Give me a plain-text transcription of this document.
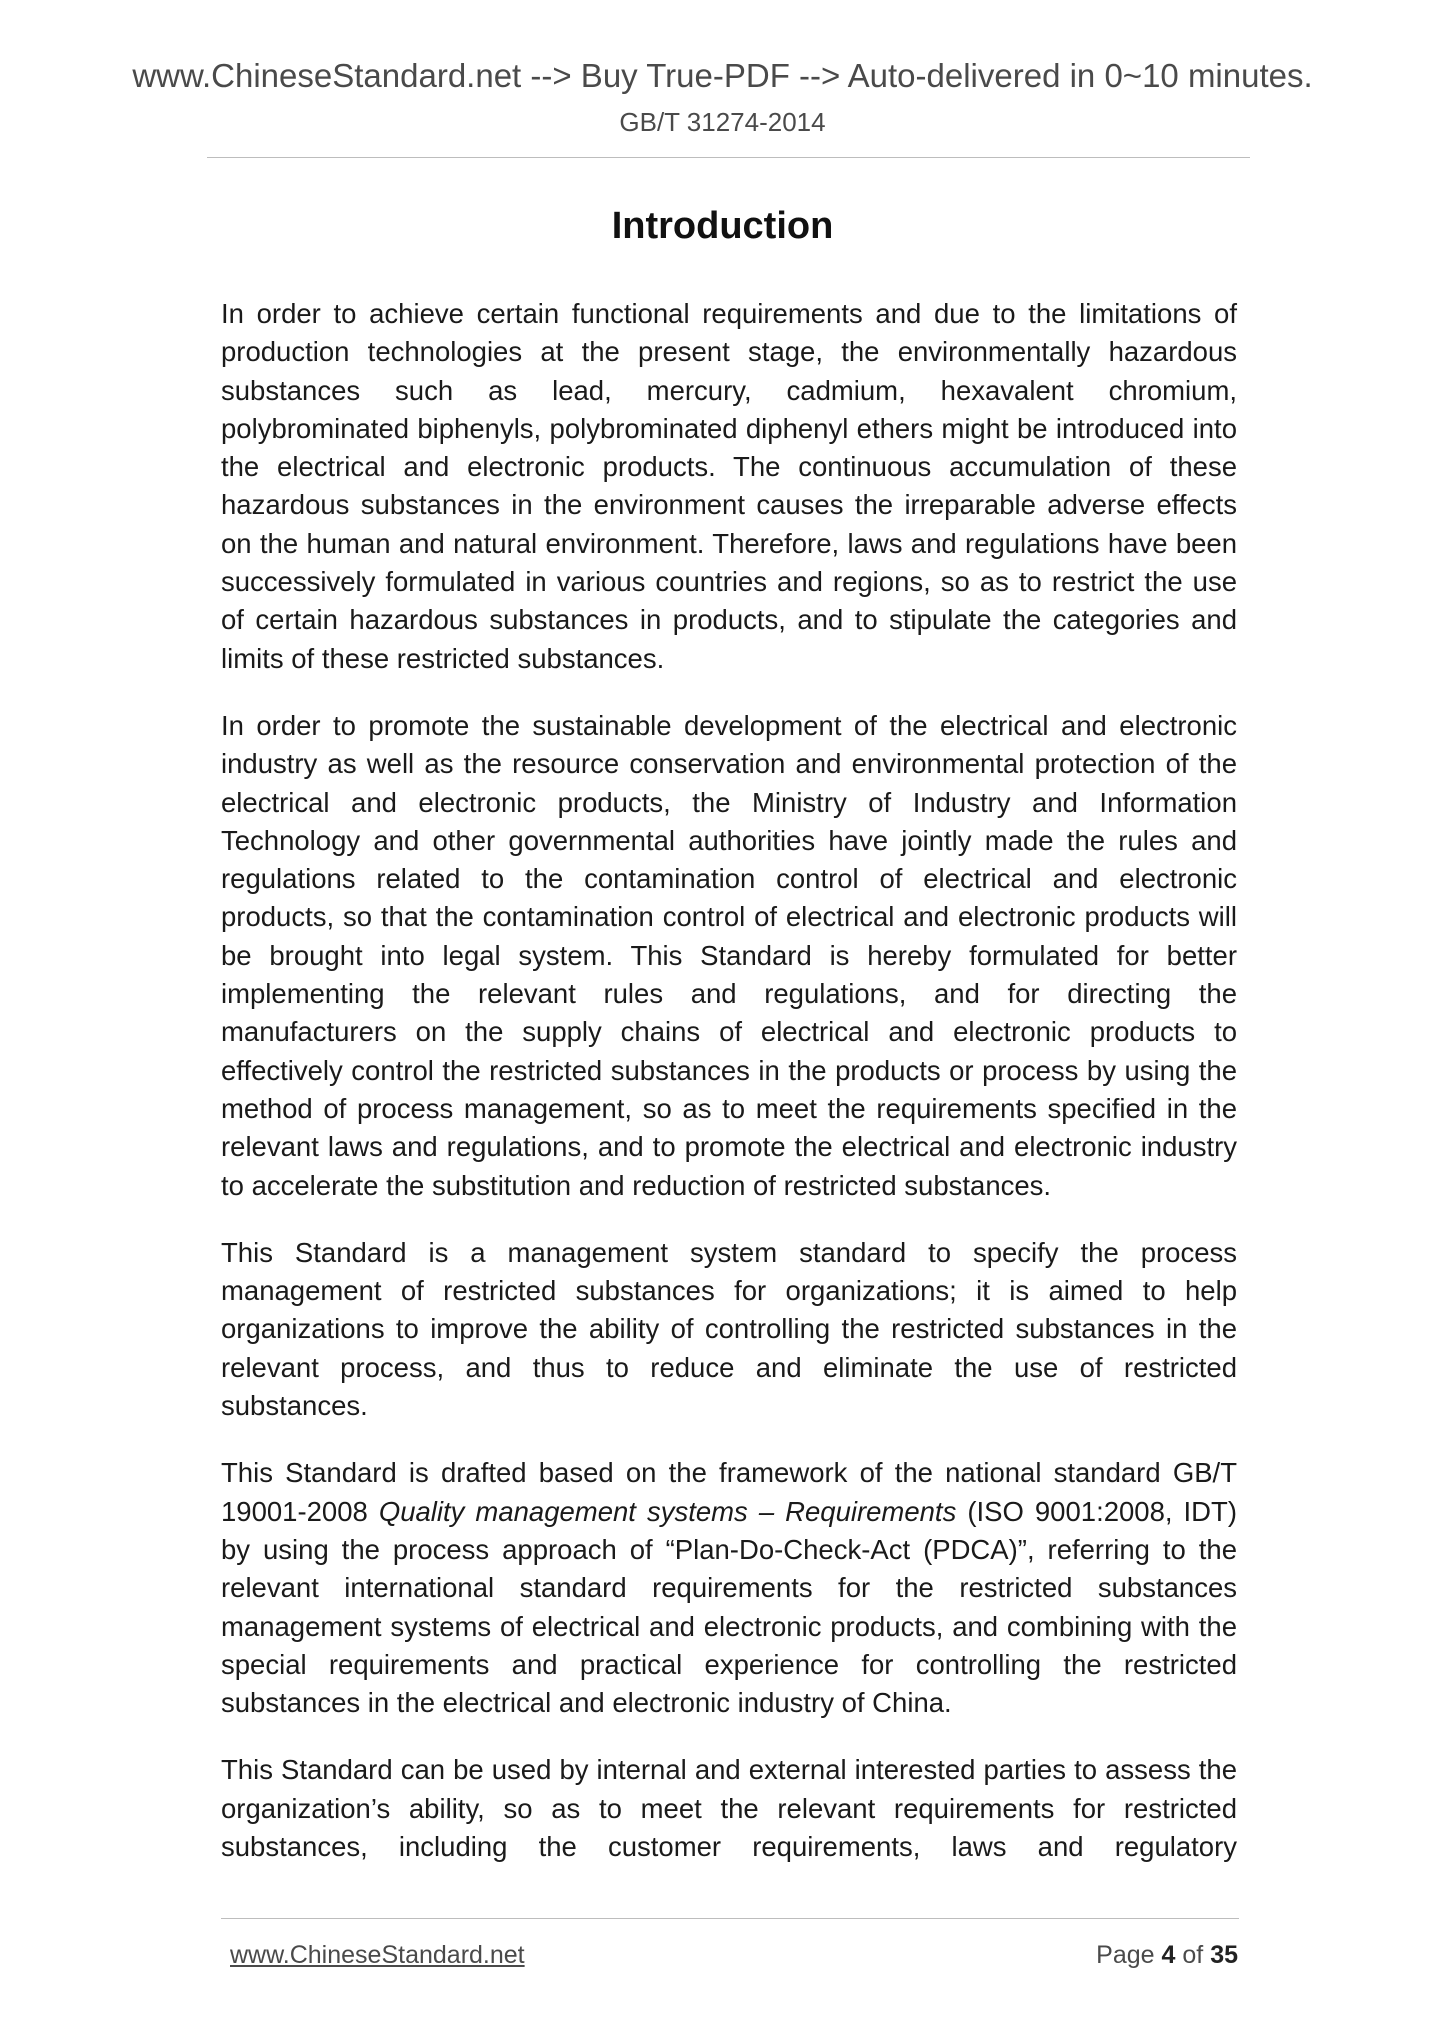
www.ChineseStandard.net --> Buy True-PDF --> Auto-delivered in 0~10 minutes.
GB/T 31274-2014
Introduction

In order to achieve certain functional requirements and due to the limitations of production technologies at the present stage, the environmentally hazardous substances such as lead, mercury, cadmium, hexavalent chromium, polybrominated biphenyls, polybrominated diphenyl ethers might be introduced into the electrical and electronic products. The continuous accumulation of these hazardous substances in the environment causes the irreparable adverse effects on the human and natural environment. Therefore, laws and regulations have been successively formulated in various countries and regions, so as to restrict the use of certain hazardous substances in products, and to stipulate the categories and limits of these restricted substances.

In order to promote the sustainable development of the electrical and electronic industry as well as the resource conservation and environmental protection of the electrical and electronic products, the Ministry of Industry and Information Technology and other governmental authorities have jointly made the rules and regulations related to the contamination control of electrical and electronic products, so that the contamination control of electrical and electronic products will be brought into legal system. This Standard is hereby formulated for better implementing the relevant rules and regulations, and for directing the manufacturers on the supply chains of electrical and electronic products to effectively control the restricted substances in the products or process by using the method of process management, so as to meet the requirements specified in the relevant laws and regulations, and to promote the electrical and electronic industry to accelerate the substitution and reduction of restricted substances.

This Standard is a management system standard to specify the process management of restricted substances for organizations; it is aimed to help organizations to improve the ability of controlling the restricted substances in the relevant process, and thus to reduce and eliminate the use of restricted substances.

This Standard is drafted based on the framework of the national standard GB/T 19001-2008 Quality management systems – Requirements (ISO 9001:2008, IDT) by using the process approach of “Plan-Do-Check-Act (PDCA)”, referring to the relevant international standard requirements for the restricted substances management systems of electrical and electronic products, and combining with the special requirements and practical experience for controlling the restricted substances in the electrical and electronic industry of China.

This Standard can be used by internal and external interested parties to assess the organization’s ability, so as to meet the relevant requirements for restricted substances, including the customer requirements, laws and regulatory

www.ChineseStandard.net	Page 4 of 35
